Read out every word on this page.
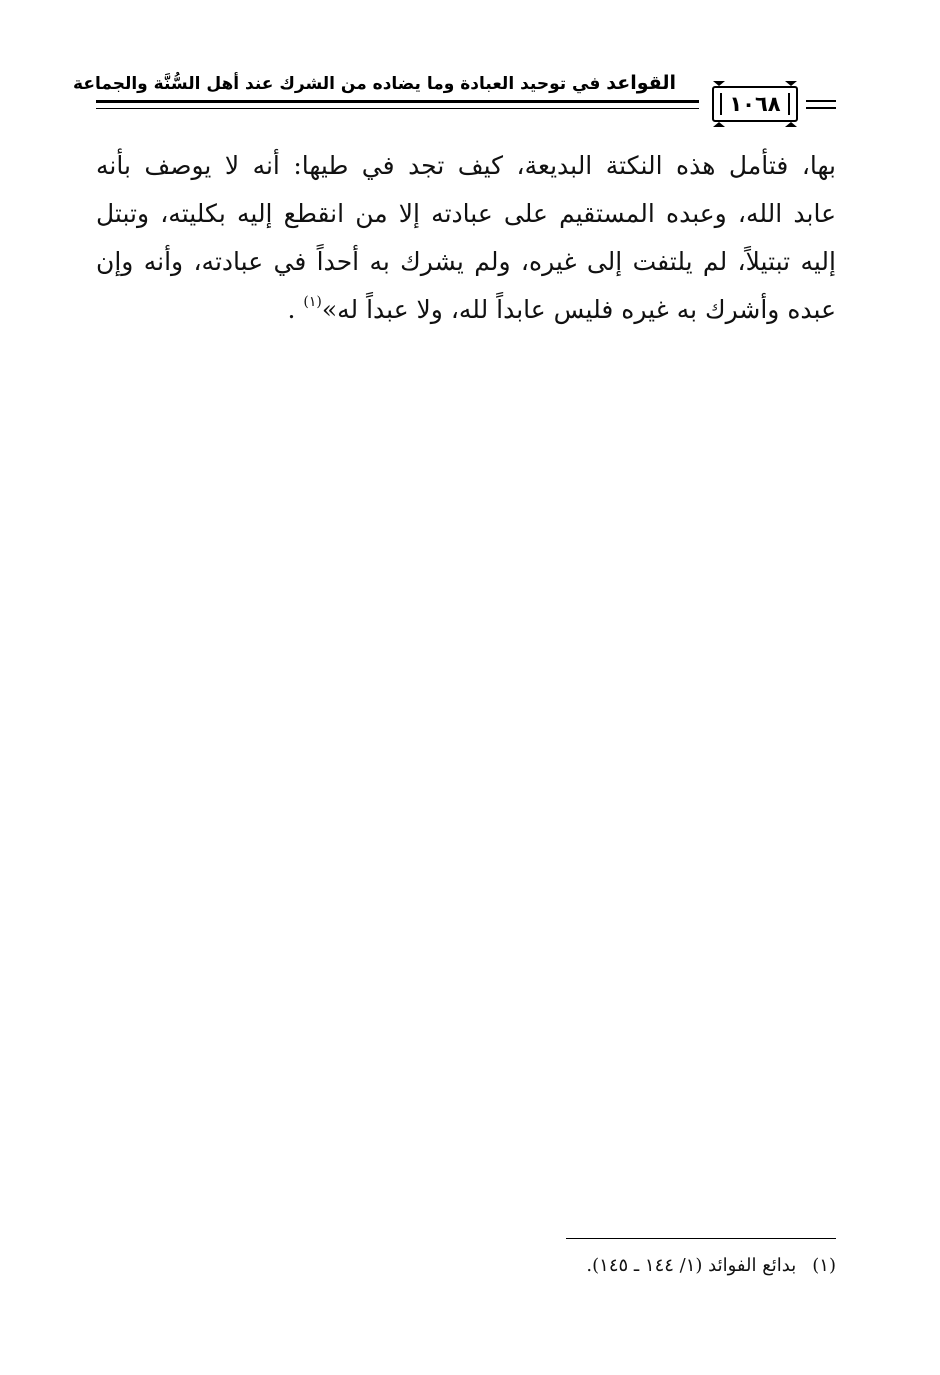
القواعد في توحيد العبادة وما يضاده من الشرك عند أهل السُّنَّة والجماعة
١٠٦٨
بها، فتأمل هذه النكتة البديعة، كيف تجد في طيها: أنه لا يوصف بأنه
عابد الله، وعبده المستقيم على عبادته إلا من انقطع إليه بكليته، وتبتل
إليه تبتيلاً، لم يلتفت إلى غيره، ولم يشرك به أحداً في عبادته، وأنه وإن
عبده وأشرك به غيره فليس عابداً لله، ولا عبداً له»$^{(١)}$ .
(١)بدائع الفوائد (١/ ١٤٤ ـ ١٤٥).
